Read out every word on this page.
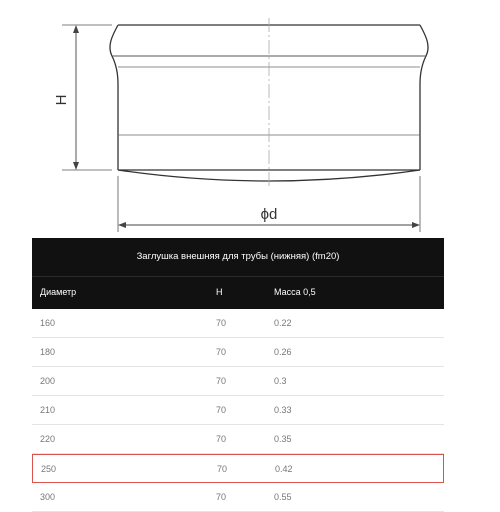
H
ϕd
Заглушка внешняя для трубы (нижняя) (fm20)
Диаметр	H	Масса 0,5
160	70	0.22
180	70	0.26
200	70	0.3
210	70	0.33
220	70	0.35
250	70	0.42
300	70	0.55
